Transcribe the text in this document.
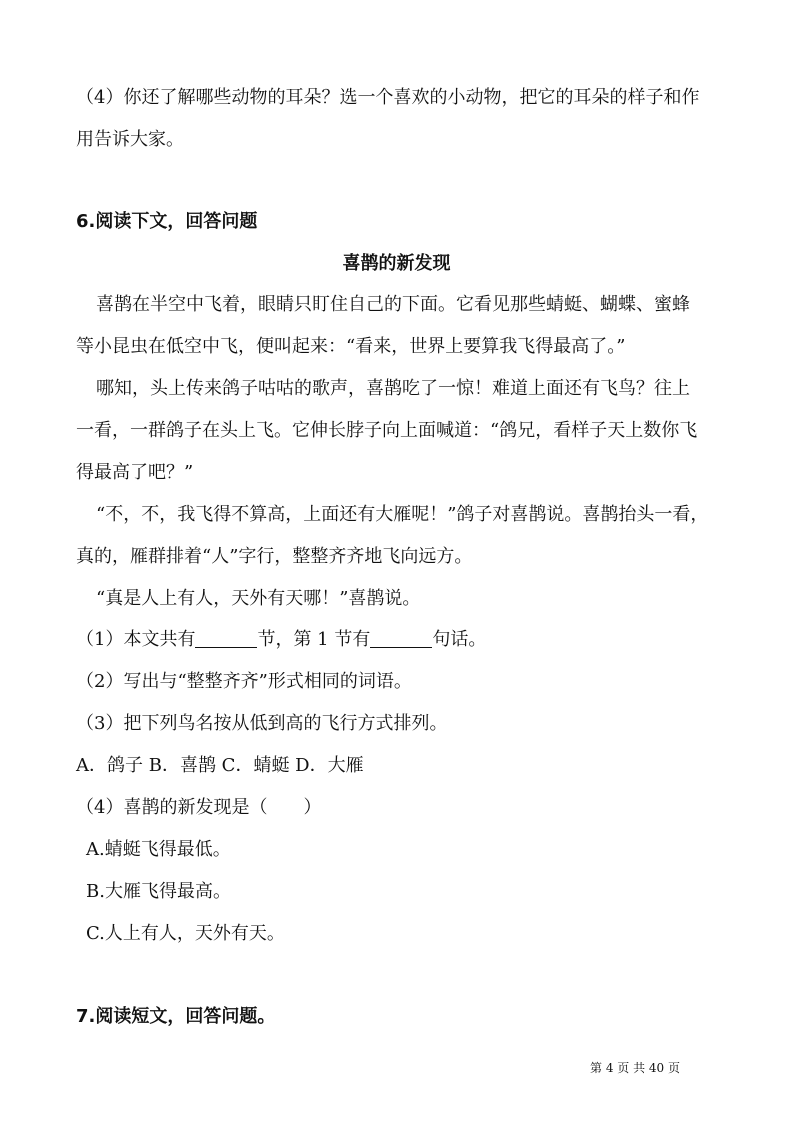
（4）你还了解哪些动物的耳朵？选一个喜欢的小动物，把它的耳朵的样子和作
用告诉大家。
6.阅读下文，回答问题
喜鹊的新发现
喜鹊在半空中飞着，眼睛只盯住自己的下面。它看见那些蜻蜓、蝴蝶、蜜蜂
等小昆虫在低空中飞，便叫起来：“看来，世界上要算我飞得最高了。”
哪知，头上传来鸽子咕咕的歌声，喜鹊吃了一惊！难道上面还有飞鸟？往上
一看，一群鸽子在头上飞。它伸长脖子向上面喊道：“鸽兄，看样子天上数你飞
得最高了吧？”
“不，不，我飞得不算高，上面还有大雁呢！”鸽子对喜鹊说。喜鹊抬头一看，
真的，雁群排着“人”字行，整整齐齐地飞向远方。
“真是人上有人，天外有天哪！”喜鹊说。
（1）本文共有	节，第 1 节有	句话。
（2）写出与“整整齐齐”形式相同的词语。
（3）把下列鸟名按从低到高的飞行方式排列。
A．鸽子 B．喜鹊 C．蜻蜓 D．大雁
（4）喜鹊的新发现是（　　）
A.蜻蜓飞得最低。
B.大雁飞得最高。
C.人上有人，天外有天。
7.阅读短文，回答问题。
第 4 页 共 40 页
